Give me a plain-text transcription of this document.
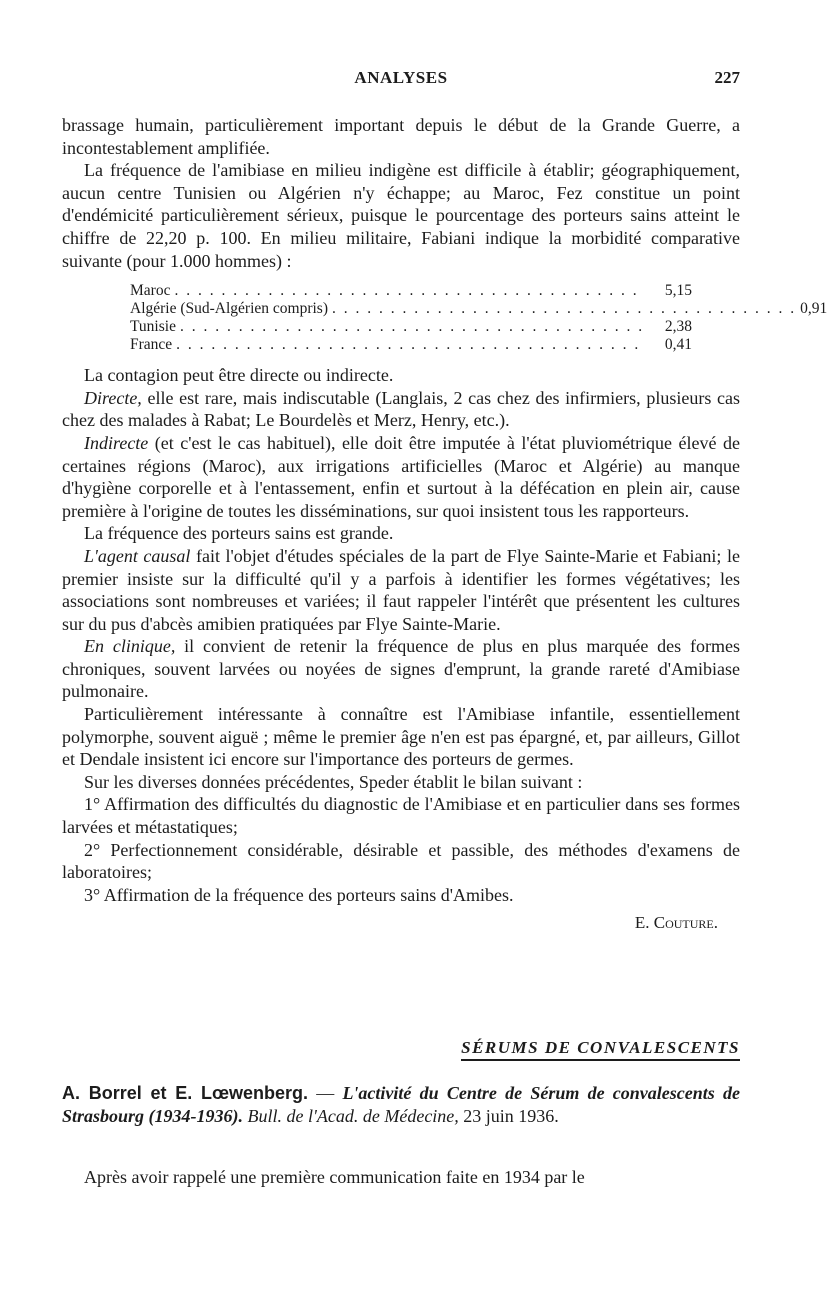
ANALYSES	227

brassage humain, particulièrement important depuis le début de la Grande Guerre, a incontestablement amplifiée.

La fréquence de l'amibiase en milieu indigène est difficile à établir; géographiquement, aucun centre Tunisien ou Algérien n'y échappe; au Maroc, Fez constitue un point d'endémicité particulièrement sérieux, puisque le pourcentage des porteurs sains atteint le chiffre de 22,20 p. 100. En milieu militaire, Fabiani indique la morbidité comparative suivante (pour 1.000 hommes) :

Maroc . . . . . . . . . . . . . . . . . . . . . . . . . . . . . . . . . . . . . . . .	5,15
Algérie (Sud-Algérien compris) . . . . . . . . . . . . . . . . . . . . . . . . . . . . . . . . . . . . . . . . 0,91
Tunisie . . . . . . . . . . . . . . . . . . . . . . . . . . . . . . . . . . . . . . . .	2,38
France . . . . . . . . . . . . . . . . . . . . . . . . . . . . . . . . . . . . . . . .	0,41

La contagion peut être directe ou indirecte.

Directe, elle est rare, mais indiscutable (Langlais, 2 cas chez des infirmiers, plusieurs cas chez des malades à Rabat; Le Bourdelès et Merz, Henry, etc.).

Indirecte (et c'est le cas habituel), elle doit être imputée à l'état pluviométrique élevé de certaines régions (Maroc), aux irrigations artificielles (Maroc et Algérie) au manque d'hygiène corporelle et à l'entassement, enfin et surtout à la défécation en plein air, cause première à l'origine de toutes les disséminations, sur quoi insistent tous les rapporteurs.

La fréquence des porteurs sains est grande.

L'agent causal fait l'objet d'études spéciales de la part de Flye Sainte-Marie et Fabiani; le premier insiste sur la difficulté qu'il y a parfois à identifier les formes végétatives; les associations sont nombreuses et variées; il faut rappeler l'intérêt que présentent les cultures sur du pus d'abcès amibien pratiquées par Flye Sainte-Marie.

En clinique, il convient de retenir la fréquence de plus en plus marquée des formes chroniques, souvent larvées ou noyées de signes d'emprunt, la grande rareté d'Amibiase pulmonaire.

Particulièrement intéressante à connaître est l'Amibiase infantile, essentiellement polymorphe, souvent aiguë ; même le premier âge n'en est pas épargné, et, par ailleurs, Gillot et Dendale insistent ici encore sur l'importance des porteurs de germes.

Sur les diverses données précédentes, Speder établit le bilan suivant :

1° Affirmation des difficultés du diagnostic de l'Amibiase et en particulier dans ses formes larvées et métastatiques;

2° Perfectionnement considérable, désirable et passible, des méthodes d'examens de laboratoires;

3° Affirmation de la fréquence des porteurs sains d'Amibes.

E. Couture.
SÉRUMS DE CONVALESCENTS
A. Borrel et E. Lœwenberg. — L'activité du Centre de Sérum de convalescents de Strasbourg (1934-1936). Bull. de l'Acad. de Médecine, 23 juin 1936.
Après avoir rappelé une première communication faite en 1934 par le
